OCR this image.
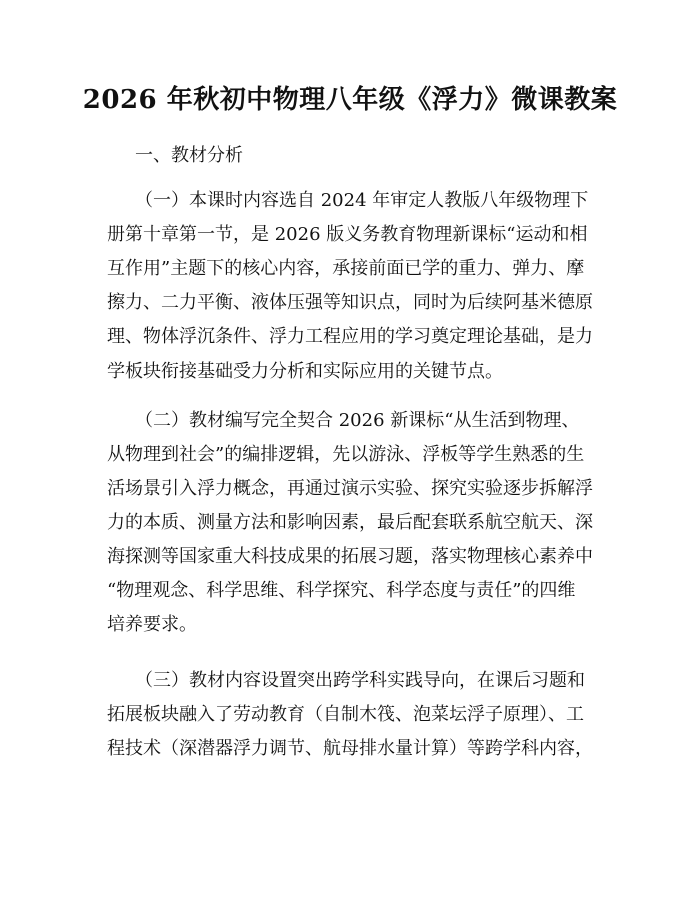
2026 年秋初中物理八年级《浮力》微课教案
一、教材分析
（一）本课时内容选自 2024 年审定人教版八年级物理下
册第十章第一节，是 2026 版义务教育物理新课标“运动和相
互作用”主题下的核心内容，承接前面已学的重力、弹力、摩
擦力、二力平衡、液体压强等知识点，同时为后续阿基米德原
理、物体浮沉条件、浮力工程应用的学习奠定理论基础，是力
学板块衔接基础受力分析和实际应用的关键节点。
（二）教材编写完全契合 2026 新课标“从生活到物理、
从物理到社会”的编排逻辑，先以游泳、浮板等学生熟悉的生
活场景引入浮力概念，再通过演示实验、探究实验逐步拆解浮
力的本质、测量方法和影响因素，最后配套联系航空航天、深
海探测等国家重大科技成果的拓展习题，落实物理核心素养中
“物理观念、科学思维、科学探究、科学态度与责任”的四维
培养要求。
（三）教材内容设置突出跨学科实践导向，在课后习题和
拓展板块融入了劳动教育（自制木筏、泡菜坛浮子原理）、工
程技术（深潜器浮力调节、航母排水量计算）等跨学科内容，
